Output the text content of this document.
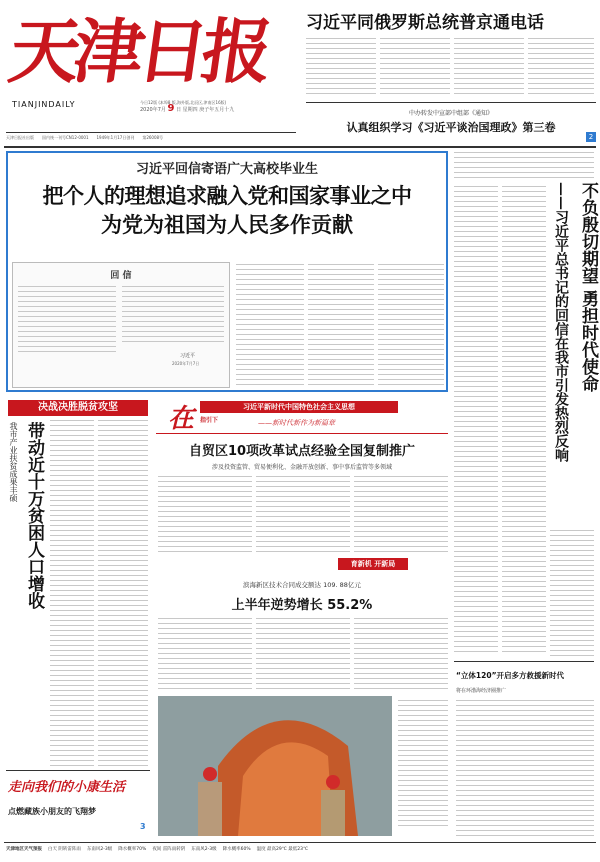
天津日报
TIANJINDAILY	今日12版 (本埠8 版,海外版,北辰区,津南区16版)
2020年7月 9 日 星期四 庚子年五月十九
天津日报社出版 国内统一刊号CN12-0001 1949年1月17日创刊 第26008号
习近平同俄罗斯总统普京通电话
中办转发中宣部中组部《通知》
认真组织学习《习近平谈治国理政》第三卷
2
习近平回信寄语广大高校毕业生
把个人的理想追求融入党和国家事业之中
为党为祖国为人民多作贡献
回 信
习近平
2020年7月7日	不负殷切期望 勇担时代使命
——习近平总书记的回信在我市引发热烈反响
“立体120”开启多方救援新时代
将在环渤海经济圈推广
决战决胜脱贫攻坚
我市产业扶贫成果丰硕 带动近十万贫困人口增收
走向我们的小康生活
点燃藏族小朋友的飞翔梦
3
在	习近平新时代中国特色社会主义思想
指引下	——新时代新作为新篇章
自贸区10项改革试点经验全国复制推广
涉及投资监管、贸易便利化、金融开放创新、事中事后监管等多领域
育新机 开新局
滨海新区技术合同成交额达 109. 88亿元
上半年逆势增长 55.2%
天津地区天气预报 白天 阴转雷阵雨 东南风2-3级 降水概率70% 夜间 雷阵雨转阴 东南风2-3级 降水概率60% 温度 最高29℃ 最低23℃
